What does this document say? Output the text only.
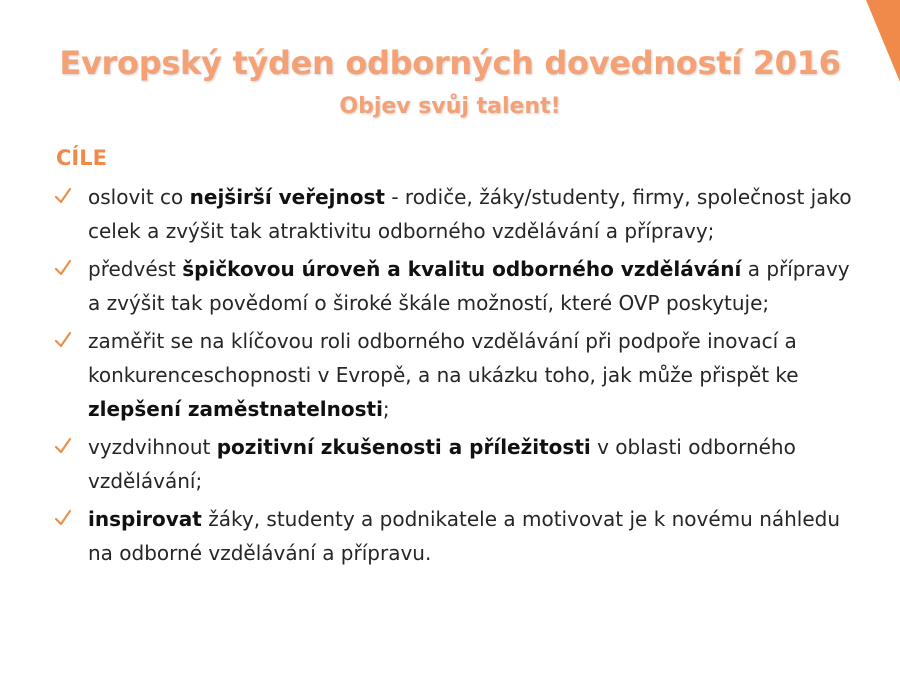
Evropský týden odborných dovedností 2016
Objev svůj talent!
CÍLE
oslovit co nejširší veřejnost - rodiče, žáky/studenty, firmy, společnost jako celek a zvýšit tak atraktivitu odborného vzdělávání a přípravy;
předvést špičkovou úroveň a kvalitu odborného vzdělávání a přípravy a zvýšit tak povědomí o široké škále možností, které OVP poskytuje;
zaměřit se na klíčovou roli odborného vzdělávání při podpoře inovací a konkurenceschopnosti v Evropě, a na ukázku toho, jak může přispět ke zlepšení zaměstnatelnosti;
vyzdvihnout pozitivní zkušenosti a příležitosti v oblasti odborného vzdělávání;
inspirovat žáky, studenty a podnikatele a motivovat je k novému náhledu na odborné vzdělávání a přípravu.
